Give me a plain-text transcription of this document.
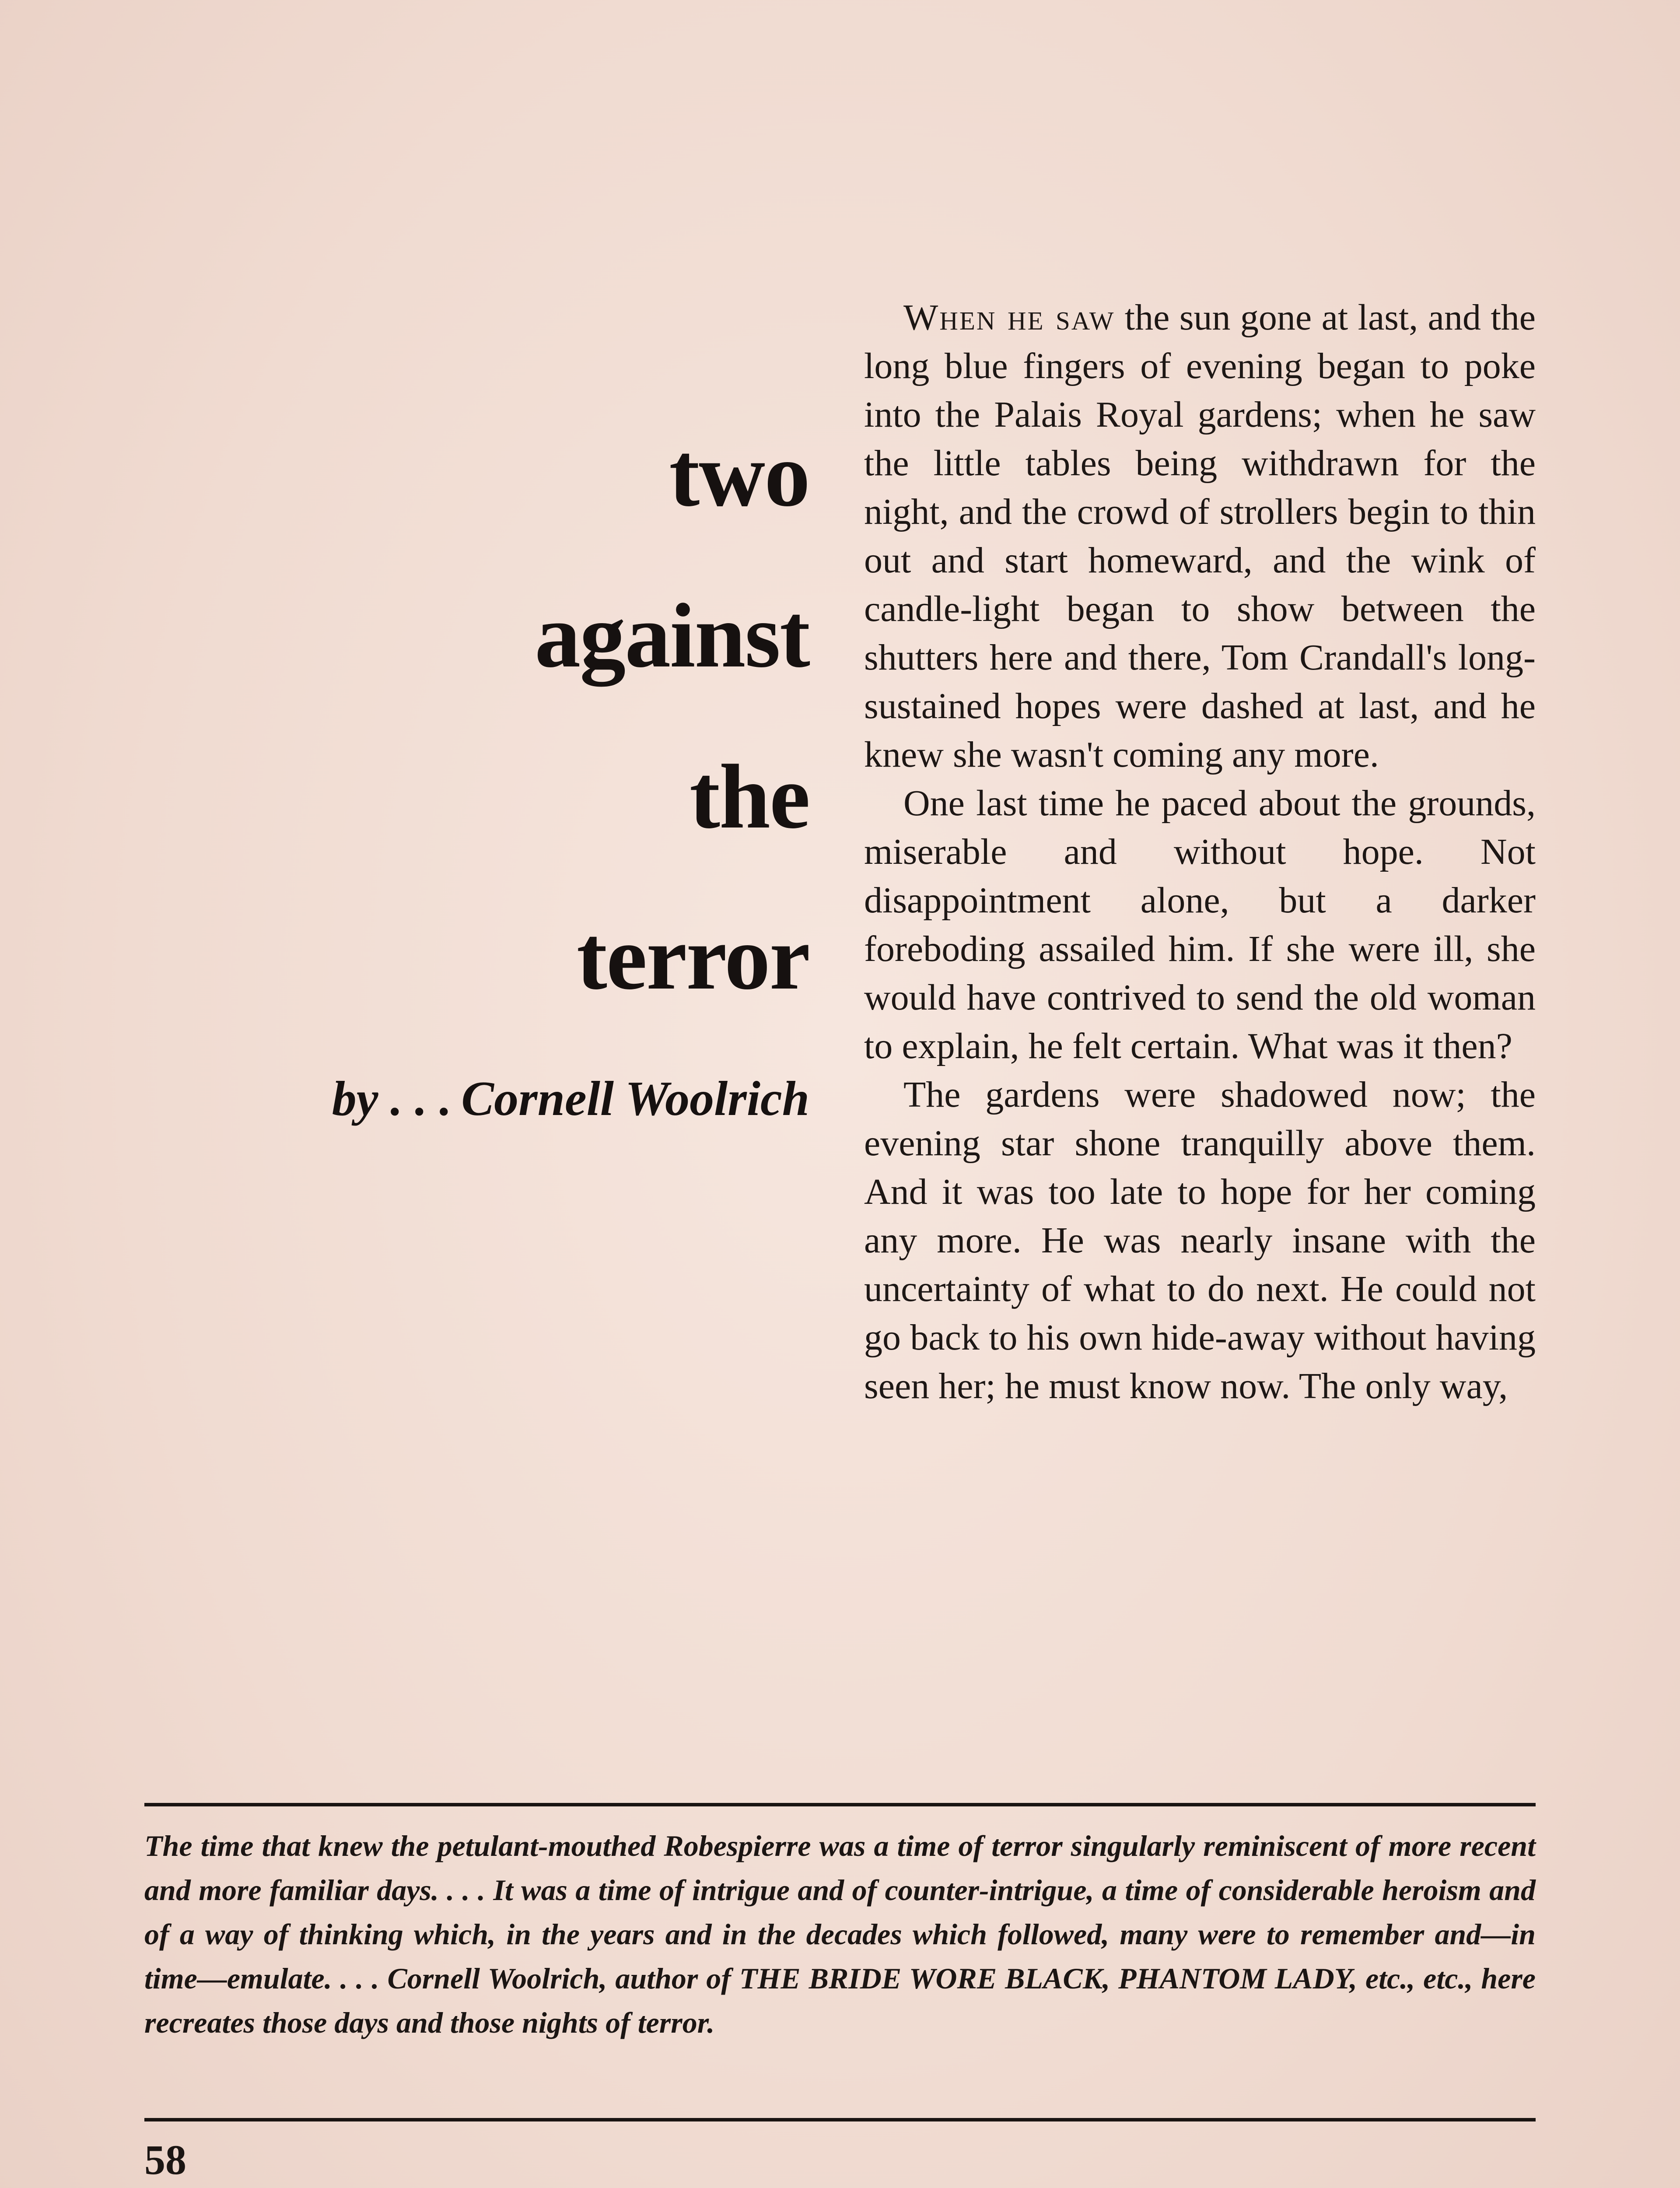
two
against
the
terror
by . . . Cornell Woolrich

When he saw the sun gone at last, and the long blue fingers of evening began to poke into the Palais Royal gardens; when he saw the little tables being withdrawn for the night, and the crowd of strollers begin to thin out and start homeward, and the wink of candle-light began to show between the shutters here and there, Tom Crandall's long-sustained hopes were dashed at last, and he knew she wasn't coming any more.

One last time he paced about the grounds, miserable and without hope. Not disappointment alone, but a darker foreboding assailed him. If she were ill, she would have contrived to send the old woman to explain, he felt certain. What was it then?

The gardens were shadowed now; the evening star shone tranquilly above them. And it was too late to hope for her coming any more. He was nearly insane with the uncertainty of what to do next. He could not go back to his own hide-away without having seen her; he must know now. The only way,

The time that knew the petulant-mouthed Robespierre was a time of terror singularly reminiscent of more recent and more familiar days. . . . It was a time of intrigue and of counter-intrigue, a time of considerable heroism and of a way of thinking which, in the years and in the decades which followed, many were to remember and—in time—emulate. . . . Cornell Woolrich, author of THE BRIDE WORE BLACK, PHANTOM LADY, etc., etc., here recreates those days and those nights of terror.
58
